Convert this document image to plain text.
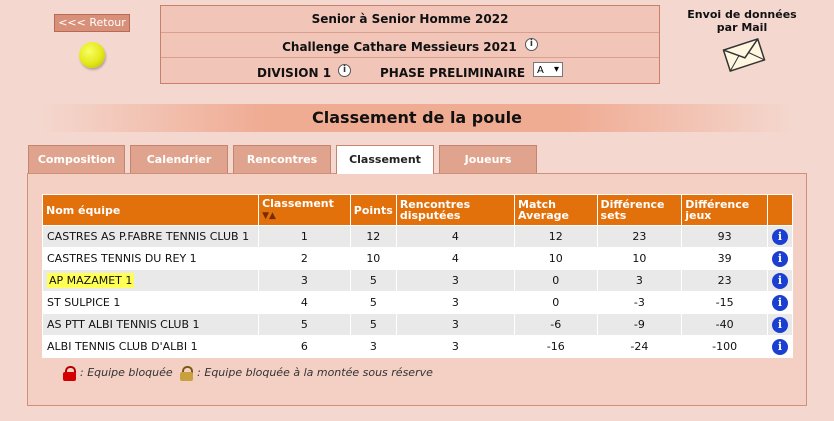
<<< Retour	Senior à Senior Homme 2022
Challenge Cathare Messieurs 2021 i
DIVISION 1	i	PHASE PRELIMINAIRE	A ▾
Envoi de données par Mail
Classement de la poule
Composition	Calendrier	Rencontres	Classement	Joueurs
Nom équipe	Classement ▼▲	Points	Rencontres disputées	Match Average	Différence sets	Différence jeux	
CASTRES AS P.FABRE TENNIS CLUB 1	1	12	4	12	23	93	i
CASTRES TENNIS DU REY 1	2	10	4	10	10	39	i
AP MAZAMET 1	3	5	3	0	3	23	i
ST SULPICE 1	4	5	3	0	-3	-15	i
AS PTT ALBI TENNIS CLUB 1	5	5	3	-6	-9	-40	i
ALBI TENNIS CLUB D'ALBI 1	6	3	3	-16	-24	-100	i
: Equipe bloquée : Equipe bloquée à la montée sous réserve
